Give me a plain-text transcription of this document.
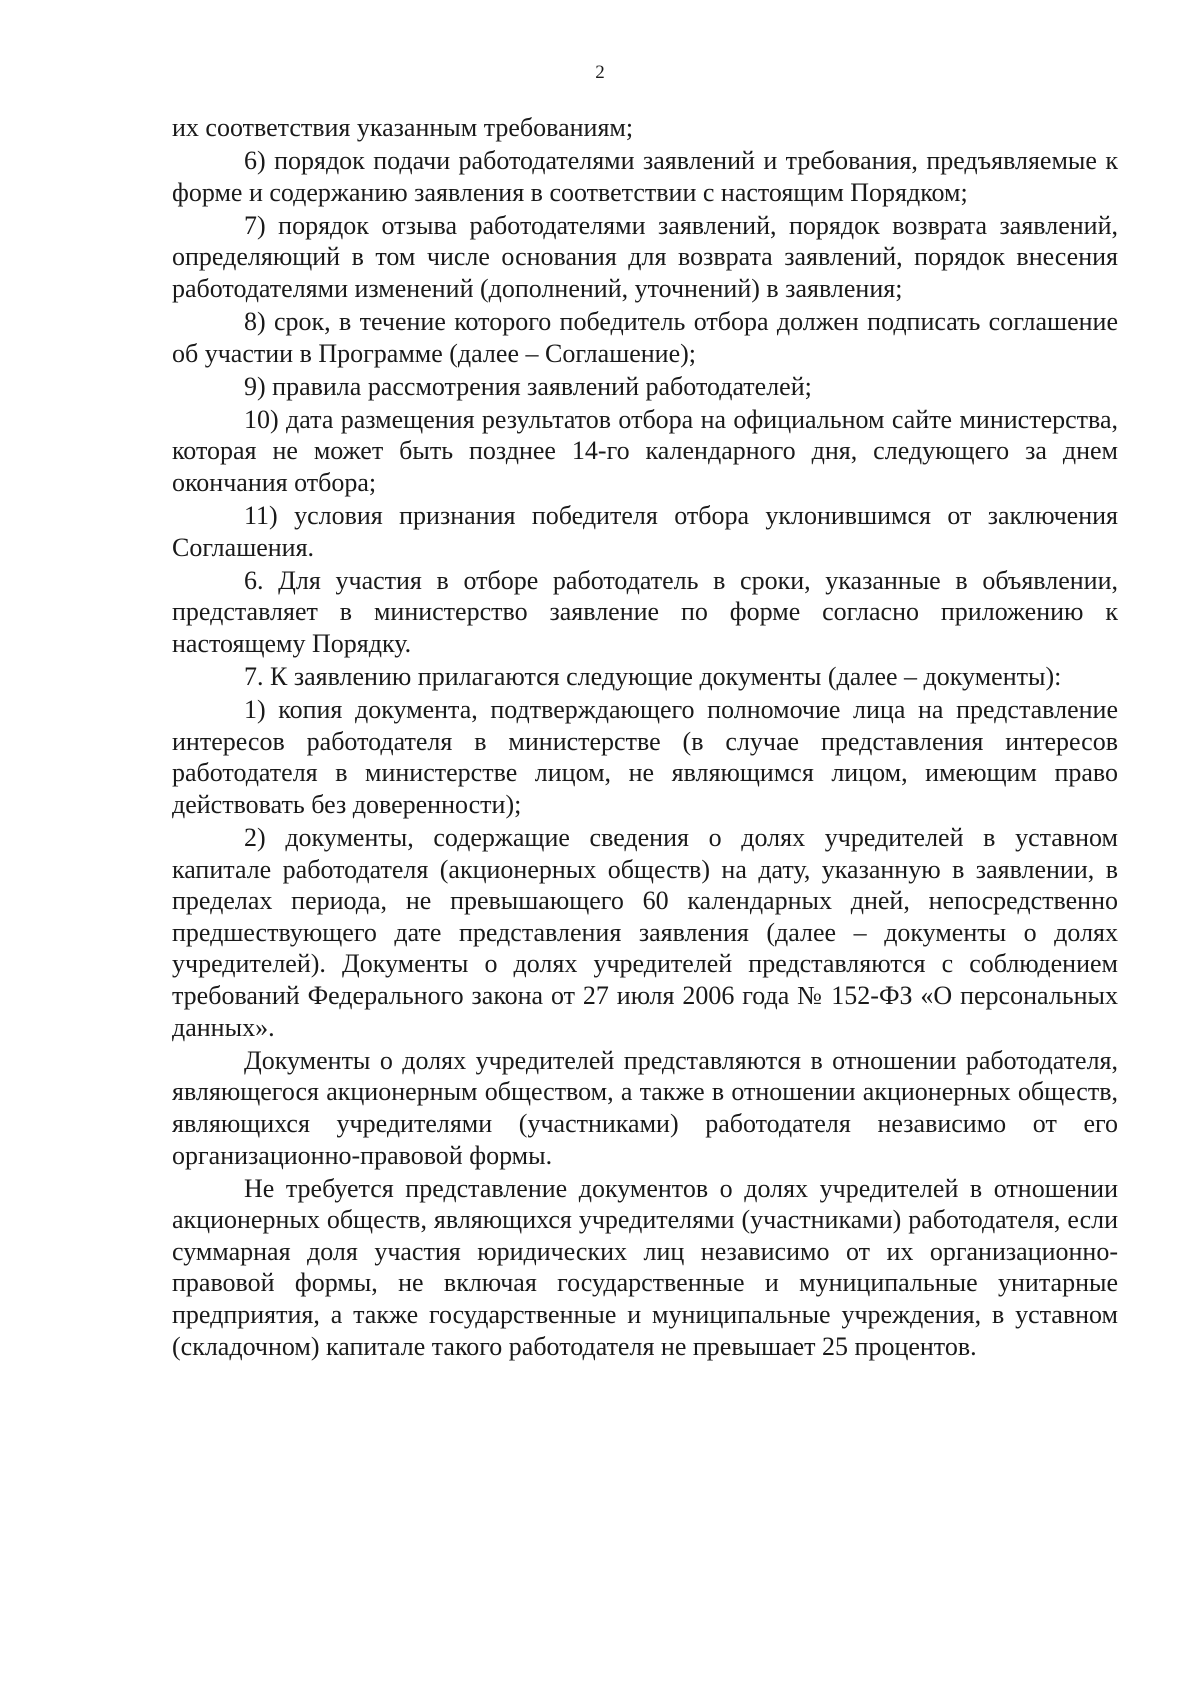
2

их соответствия указанным требованиям;

6) порядок подачи работодателями заявлений и требования, предъявляемые к форме и содержанию заявления в соответствии с настоящим Порядком;

7) порядок отзыва работодателями заявлений, порядок возврата заявлений, определяющий в том числе основания для возврата заявлений, порядок внесения работодателями изменений (дополнений, уточнений) в заявления;

8) срок, в течение которого победитель отбора должен подписать соглашение об участии в Программе (далее – Соглашение);

9) правила рассмотрения заявлений работодателей;

10) дата размещения результатов отбора на официальном сайте министерства, которая не может быть позднее 14-го календарного дня, следующего за днем окончания отбора;

11) условия признания победителя отбора уклонившимся от заключения Соглашения.

6. Для участия в отборе работодатель в сроки, указанные в объявлении, представляет в министерство заявление по форме согласно приложению к настоящему Порядку.

7. К заявлению прилагаются следующие документы (далее – документы):

1) копия документа, подтверждающего полномочие лица на представление интересов работодателя в министерстве (в случае представления интересов работодателя в министерстве лицом, не являющимся лицом, имеющим право действовать без доверенности);

2) документы, содержащие сведения о долях учредителей в уставном капитале работодателя (акционерных обществ) на дату, указанную в заявлении, в пределах периода, не превышающего 60 календарных дней, непосредственно предшествующего дате представления заявления (далее – документы о долях учредителей). Документы о долях учредителей представляются с соблюдением требований Федерального закона от 27 июля 2006 года № 152-ФЗ «О персональных данных».

Документы о долях учредителей представляются в отношении работодателя, являющегося акционерным обществом, а также в отношении акционерных обществ, являющихся учредителями (участниками) работодателя независимо от его организационно-правовой формы.

Не требуется представление документов о долях учредителей в отношении акционерных обществ, являющихся учредителями (участниками) работодателя, если суммарная доля участия юридических лиц независимо от их организационно-правовой формы, не включая государственные и муниципальные унитарные предприятия, а также государственные и муниципальные учреждения, в уставном (складочном) капитале такого работодателя не превышает 25 процентов.
